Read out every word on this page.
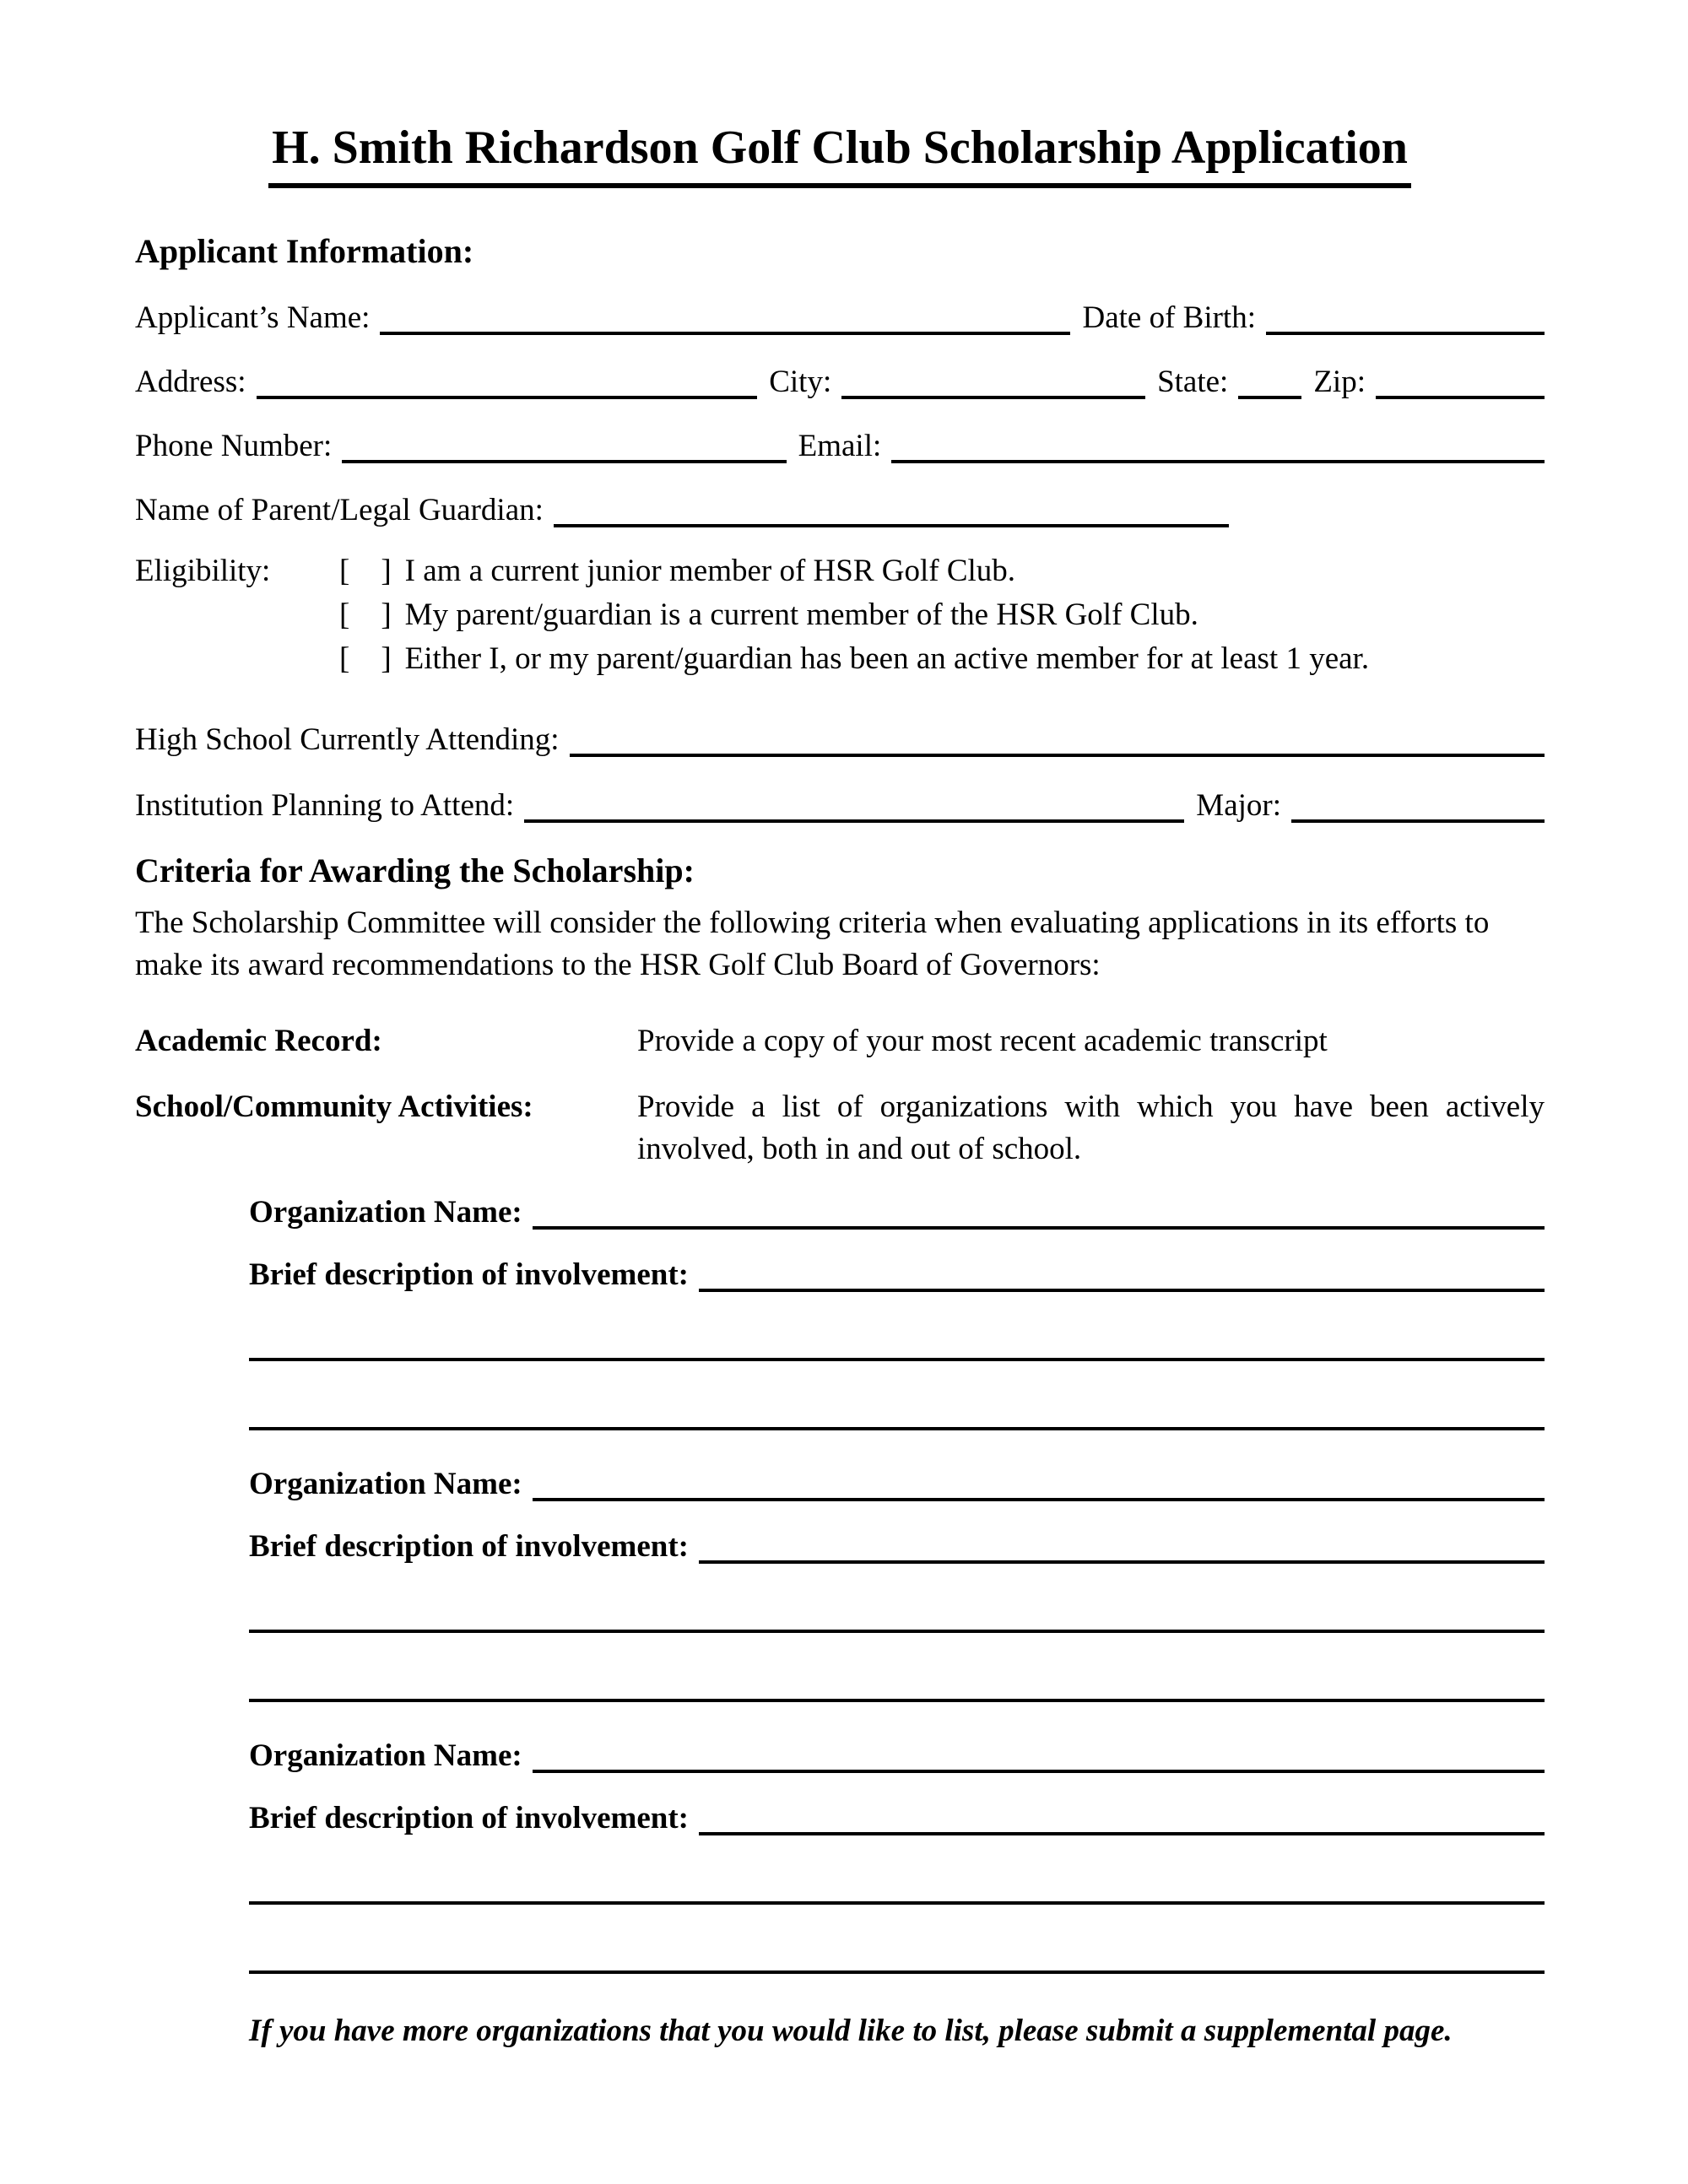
H. Smith Richardson Golf Club Scholarship Application
Applicant Information:
Applicant’s Name:	Date of Birth:
Address:	City:	State:	Zip:
Phone Number:	Email:
Name of Parent/Legal Guardian:
Eligibility:	[    ] I am a current junior member of HSR Golf Club.
[    ] My parent/guardian is a current member of the HSR Golf Club.
[    ] Either I, or my parent/guardian has been an active member for at least 1 year.
High School Currently Attending:
Institution Planning to Attend:	Major:
Criteria for Awarding the Scholarship:
The Scholarship Committee will consider the following criteria when evaluating applications in its efforts to make its award recommendations to the HSR Golf Club Board of Governors:
Academic Record:	Provide a copy of your most recent academic transcript
School/Community Activities:	Provide a list of organizations with which you have been actively involved, both in and out of school.
Organization Name:
Brief description of involvement:
Organization Name:
Brief description of involvement:
Organization Name:
Brief description of involvement:
If you have more organizations that you would like to list, please submit a supplemental page.
